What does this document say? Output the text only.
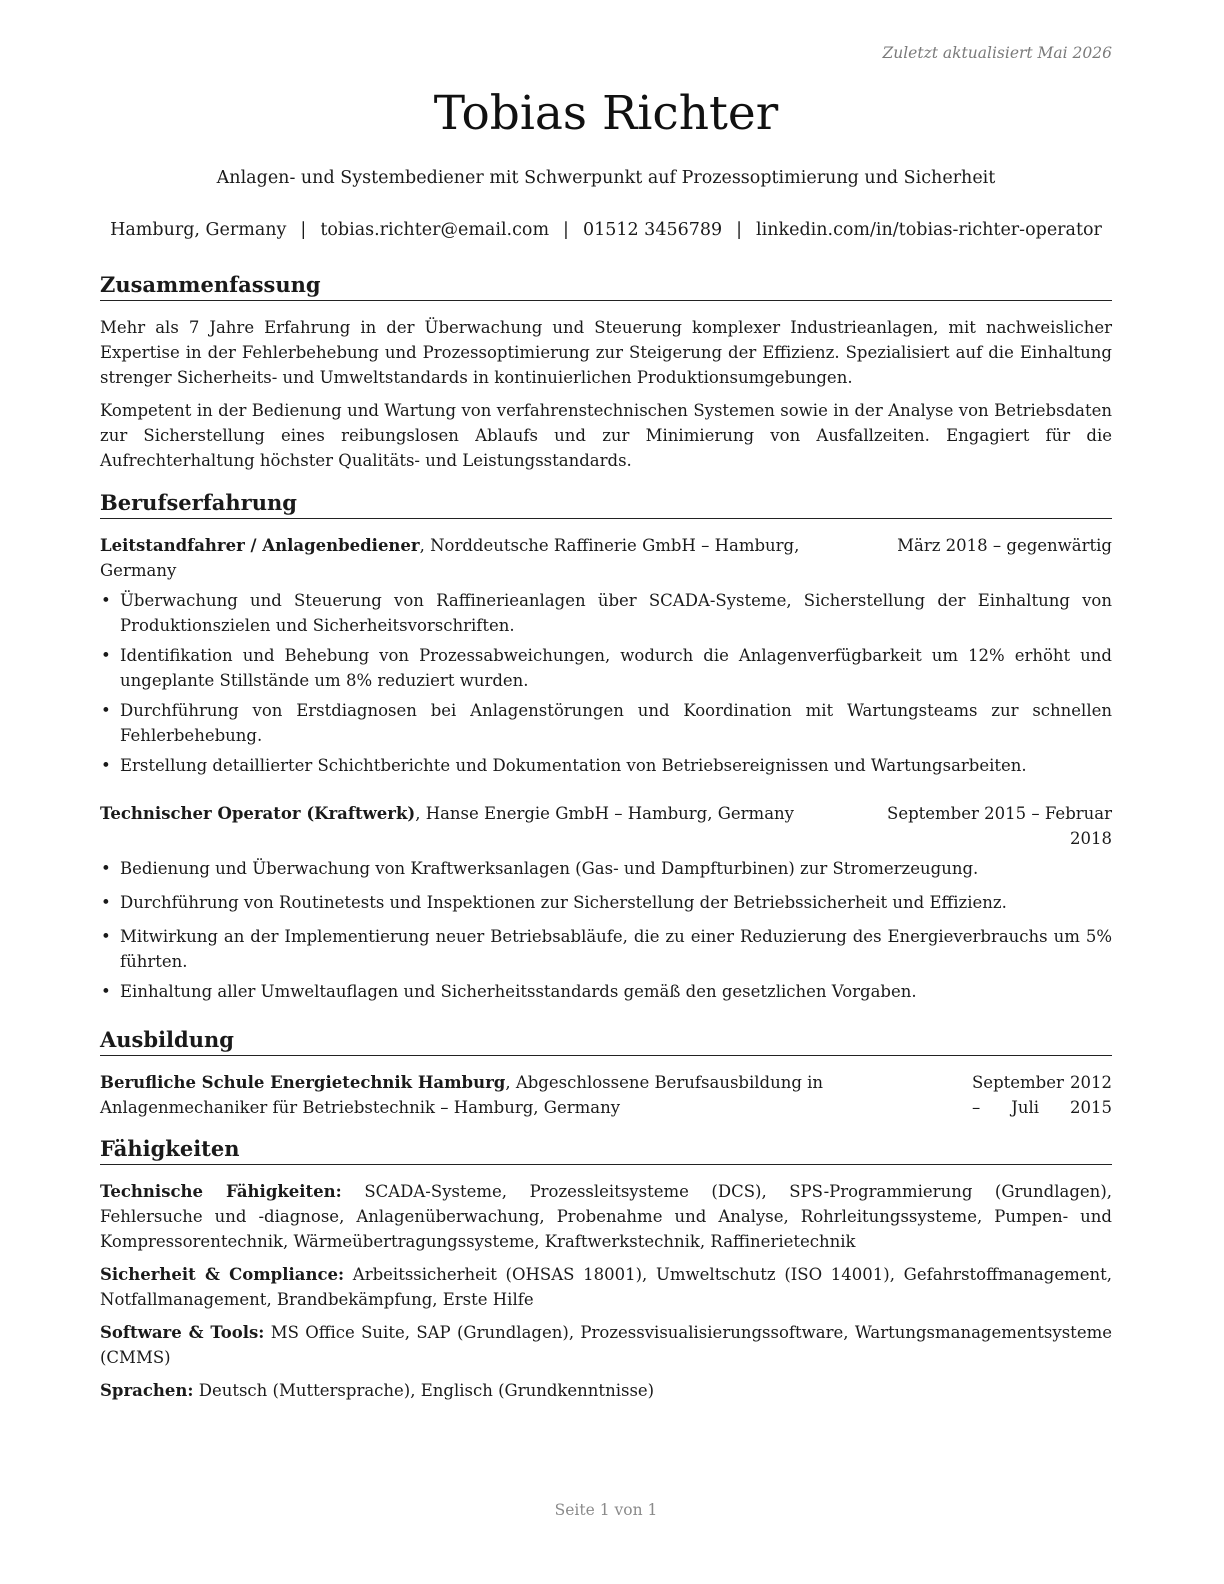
Zuletzt aktualisiert Mai 2026
Tobias Richter
Anlagen- und Systembediener mit Schwerpunkt auf Prozessoptimierung und Sicherheit
Hamburg, Germany | tobias.richter@email.com | 01512 3456789 | linkedin.com/in/tobias-richter-operator
Zusammenfassung

Mehr als 7 Jahre Erfahrung in der Überwachung und Steuerung komplexer Industrieanlagen, mit nachweislicher Expertise in der Fehlerbehebung und Prozessoptimierung zur Steigerung der Effizienz. Spezialisiert auf die Einhaltung strenger Sicherheits- und Umweltstandards in kontinuierlichen Produktionsumgebungen.

Kompetent in der Bedienung und Wartung von verfahrenstechnischen Systemen sowie in der Analyse von Betriebsdaten zur Sicherstellung eines reibungslosen Ablaufs und zur Minimierung von Ausfallzeiten. Engagiert für die Aufrechterhaltung höchster Qualitäts- und Leistungsstandards.

Berufserfahrung
Leitstandfahrer / Anlagenbediener, Norddeutsche Raffinerie GmbH – Hamburg, Germany
März 2018 – gegenwärtig
• Überwachung und Steuerung von Raffinerieanlagen über SCADA-Systeme, Sicherstellung der Einhaltung von Produktionszielen und Sicherheitsvorschriften.
• Identifikation und Behebung von Prozessabweichungen, wodurch die Anlagenverfügbarkeit um 12% erhöht und ungeplante Stillstände um 8% reduziert wurden.
• Durchführung von Erstdiagnosen bei Anlagenstörungen und Koordination mit Wartungsteams zur schnellen Fehlerbehebung.
• Erstellung detaillierter Schichtberichte und Dokumentation von Betriebsereignissen und Wartungsarbeiten.
Technischer Operator (Kraftwerk), Hanse Energie GmbH – Hamburg, Germany	September 2015 – Februar 2018
• Bedienung und Überwachung von Kraftwerksanlagen (Gas- und Dampfturbinen) zur Stromerzeugung.
• Durchführung von Routinetests und Inspektionen zur Sicherstellung der Betriebssicherheit und Effizienz.
• Mitwirkung an der Implementierung neuer Betriebsabläufe, die zu einer Reduzierung des Energieverbrauchs um 5% führten.
• Einhaltung aller Umweltauflagen und Sicherheitsstandards gemäß den gesetzlichen Vorgaben.
Ausbildung
Berufliche Schule Energietechnik Hamburg, Abgeschlossene Berufsausbildung in Anlagenmechaniker für Betriebstechnik – Hamburg, Germany
September 2012 – Juli 2015
Fähigkeiten

Technische Fähigkeiten: SCADA-Systeme, Prozessleitsysteme (DCS), SPS-Programmierung (Grundlagen), Fehlersuche und -diagnose, Anlagenüberwachung, Probenahme und Analyse, Rohrleitungssysteme, Pumpen- und Kompressorentechnik, Wärmeübertragungssysteme, Kraftwerkstechnik, Raffinerietechnik

Sicherheit & Compliance: Arbeitssicherheit (OHSAS 18001), Umweltschutz (ISO 14001), Gefahrstoffmanagement, Notfallmanagement, Brandbekämpfung, Erste Hilfe

Software & Tools: MS Office Suite, SAP (Grundlagen), Prozessvisualisierungssoftware, Wartungsmanagementsysteme (CMMS)

Sprachen: Deutsch (Muttersprache), Englisch (Grundkenntnisse)

Seite 1 von 1
